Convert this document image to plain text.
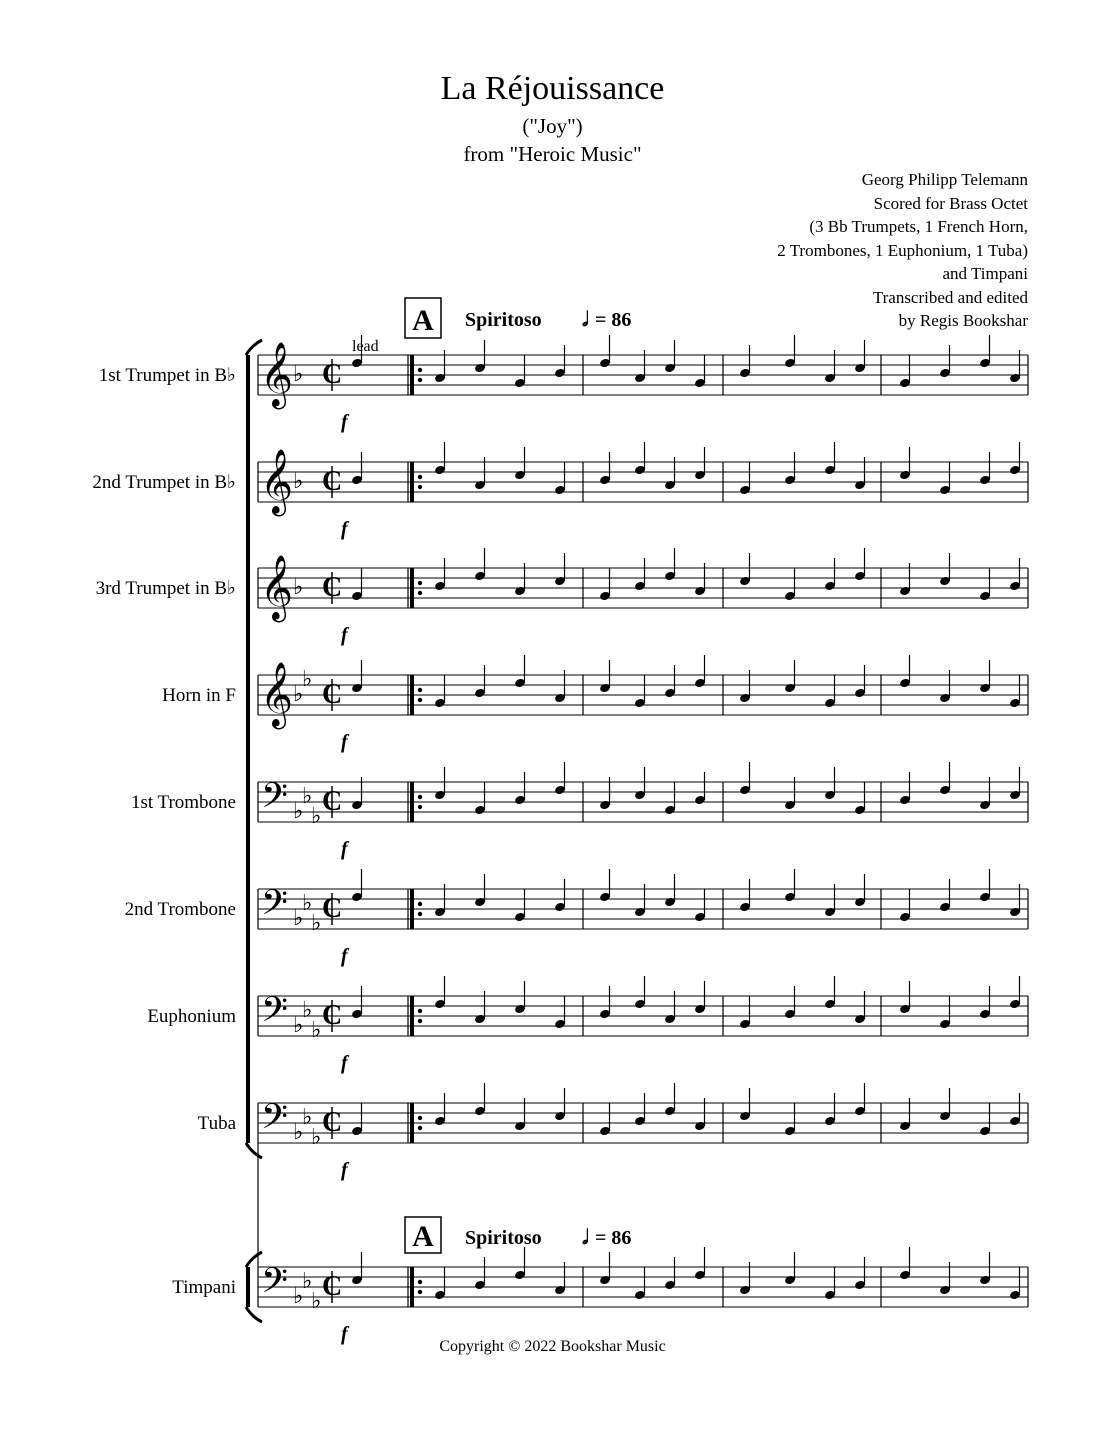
La Réjouissance
("Joy")
from "Heroic Music"
Georg Philipp Telemann
Scored for Brass Octet
(3 Bb Trumpets, 1 French Horn,
2 Trombones, 1 Euphonium, 1 Tuba)
and Timpani
Transcribed and edited
by Regis Bookshar
A Spiritoso 𝅗𝅥 = 86
A Spiritoso 𝅗𝅥 = 86
lead
1st Trumpet in B♭ 𝄞 ♭ C
f
2nd Trumpet in B♭ 𝄞 ♭ C
f
3rd Trumpet in B♭ 𝄞 ♭ C
f
Horn in F 𝄞 ♭
♭ C
f
1st Trombone 𝄢 ♭
♭
♭ C
f
2nd Trombone 𝄢 ♭
♭
♭ C
f
Euphonium 𝄢 ♭
♭
♭ C
f
Tuba 𝄢 ♭
♭
♭ C
f
Timpani 𝄢 ♭
♭
♭ C
f
Copyright © 2022 Bookshar Music
